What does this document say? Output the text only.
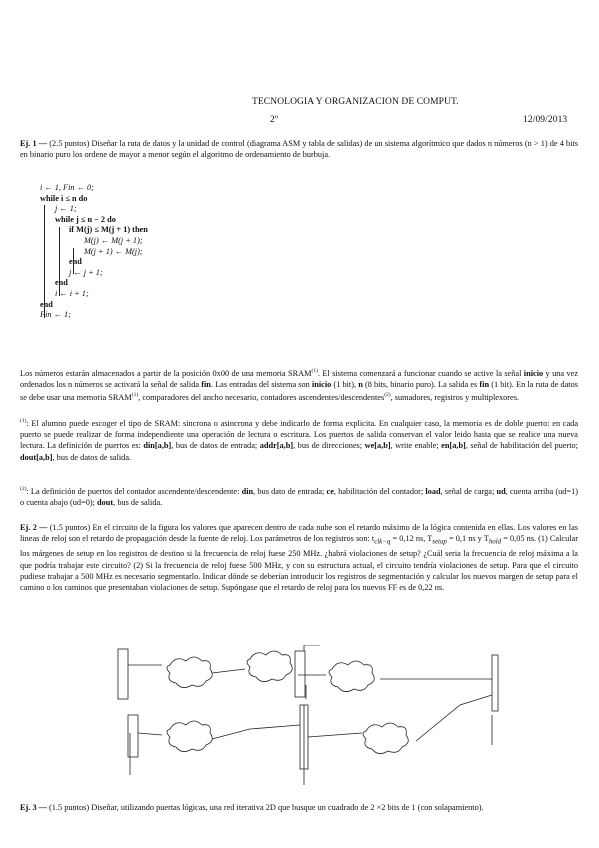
TECNOLOGIA Y ORGANIZACION DE COMPUT.
2º	12/09/2013
Ej. 1 — (2.5 puntos) Diseñar la ruta de datos y la unidad de control (diagrama ASM y tabla de salidas) de un sistema algorítmico que dados n números (n > 1) de 4 bits en binario puro los ordene de mayor a menor según el algoritmo de ordenamiento de burbuja.
i ← 1, Fin ← 0;
while i ≤ n do
j ← 1;
while j ≤ n − 2 do
if M(j) ≤ M(j + 1) then
M(j) ← M(j + 1);
M(j + 1) ← M(j);
end
j ← j + 1;
end
i ← i + 1;
end
Fin ← 1;
Los números estarán almacenados a partir de la posición 0x00 de una memoria SRAM$^{(1)}$. El sistema comenzará a funcionar cuando se active la señal inicio y una vez ordenados los n números se activará la señal de salida fin. Las entradas del sistema son inicio (1 bit), n (8 bits, binario puro). La salida es fin (1 bit). En la ruta de datos se debe usar una memoria SRAM$^{(1)}$, comparadores del ancho necesario, contadores ascendentes/descendentes$^{(2)}$, sumadores, registros y multiplexores.
$^{(1)}$: El alumno puede escoger el tipo de SRAM: sincrona o asincrona y debe indicarlo de forma explicita. En cualquier caso, la memoria es de doble puerto: en cada puerto se puede realizar de forma independiente una operación de lectura o escritura. Los puertos de salida conservan el valor leido hasta que se realice una nueva lectura. La definición de puertos es: din[a,b], bus de datos de entrada; addr[a,b], bus de direcciones; we[a,b], write enable; en[a,b], señal de habilitación del puerto; dout[a,b], bus de datos de salida.
$^{(2)}$: La definición de puertos del contador ascendente/descendente: din, bus dato de entrada; ce, habilitación del contador; load, señal de carga; ud, cuenta arriba (ud=1) o cuenta abajo (ud=0); dout, bus de salida.
Ej. 2 — (1.5 puntos) En el circuito de la figura los valores que aparecen dentro de cada nube son el retardo máximo de la lógica contenida en ellas. Los valores en las lineas de reloj son el retardo de propagación desde la fuente de reloj. Los parámetros de los registros son: $t_{clk-q} = 0,12$ ns, $T_{setup} = 0,1$ ns y $T_{hold} = 0,05$ ns. (1) Calcular los márgenes de setup en los registros de destino si la frecuencia de reloj fuese 250 MHz. ¿habrá violaciones de setup? ¿Cuál seria la frecuencia de reloj máxima a la que podría trabajar este circuito? (2) Si la frecuencia de reloj fuese 500 MHz, y con su estructura actual, el circuito tendría violaciones de setup. Para que el circuito pudiese trabajar a 500 MHz es necesario segmentarlo. Indicar dónde se deberían introducir los registros de segmentación y calcular los nuevos margen de setup para el camino o los caminos que presentaban violaciones de setup. Supóngase que el retardo de reloj para los nuevos FF es de 0,22 ns.
Ej. 3 — (1.5 puntos) Diseñar, utilizando puertas lógicas, una red iterativa 2D que busque un cuadrado de 2 ×2 bits de 1 (con solapamiento).
